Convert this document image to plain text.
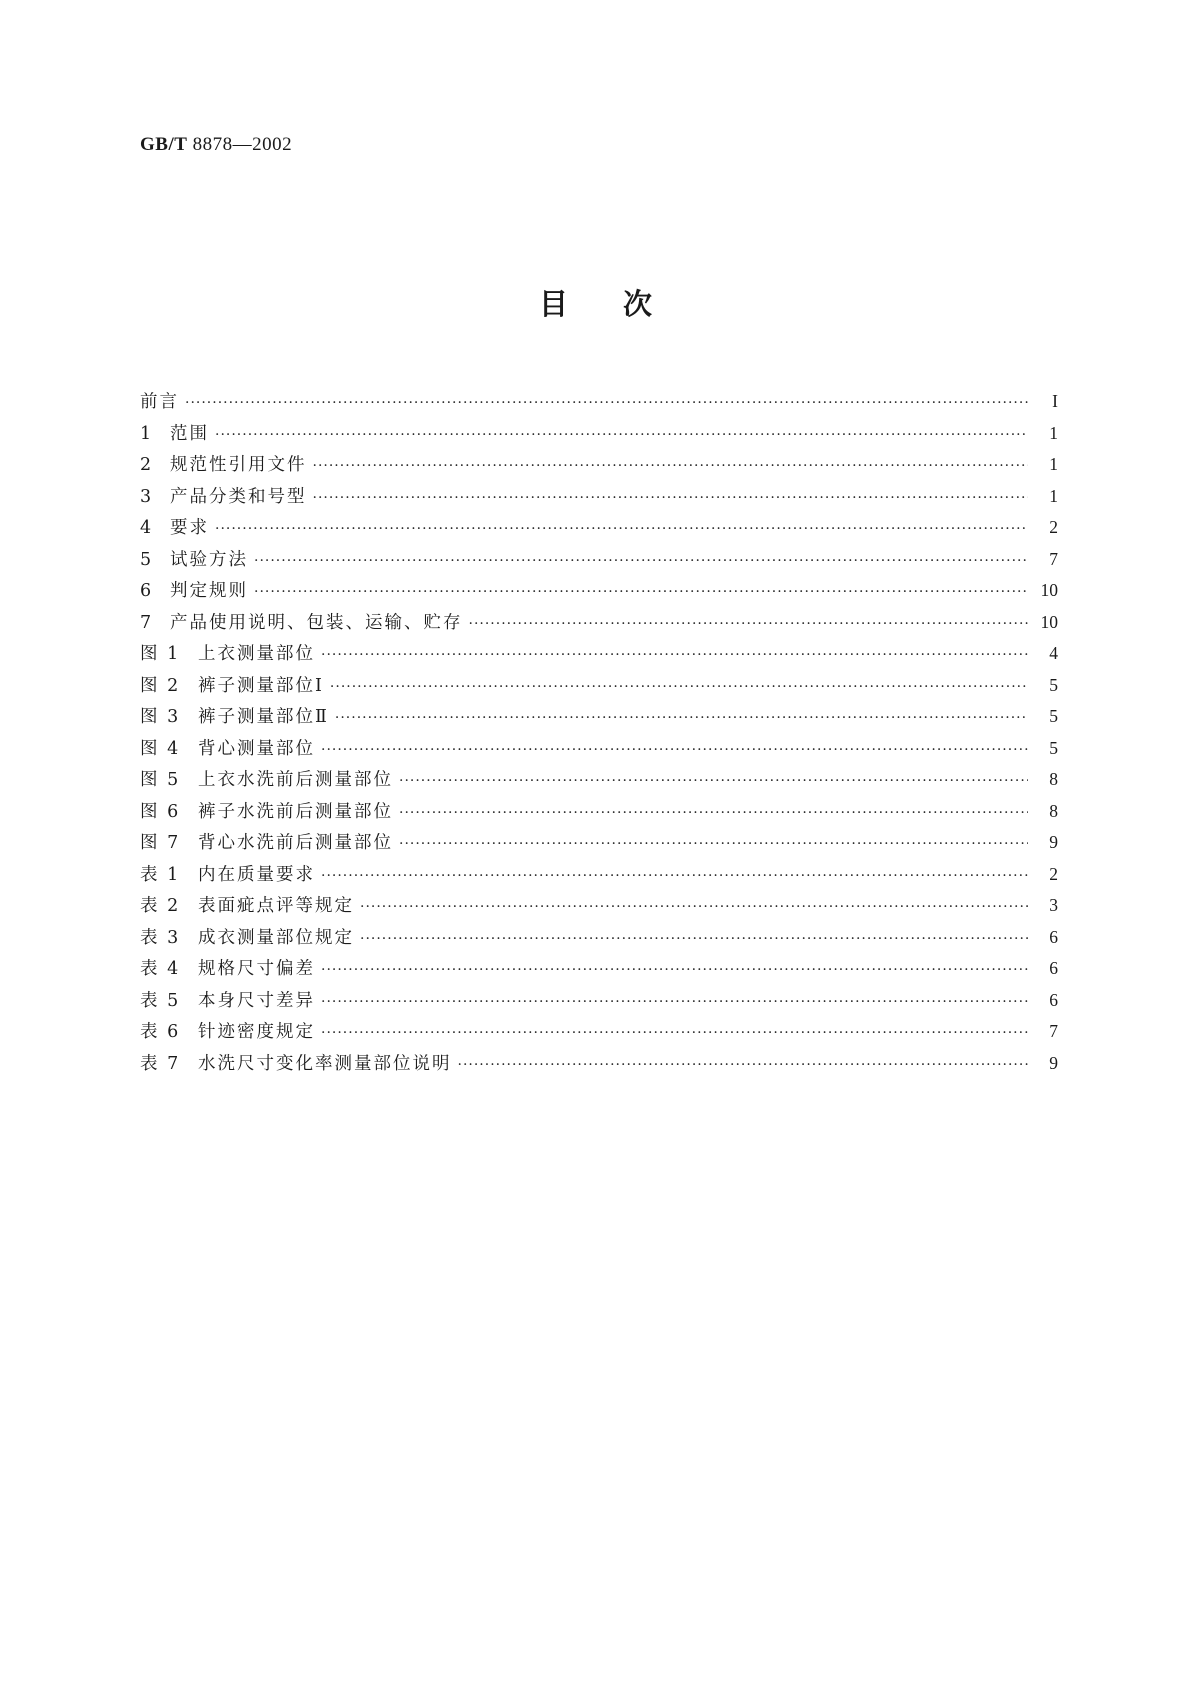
GB/T 8878—2002
目次
前言 ·····	I
1 范围 ·····	1
2 规范性引用文件 ·····	1
3 产品分类和号型 ·····	1
4 要求 ·····	2
5 试验方法 ·····	7
6 判定规则 ·····	10
7 产品使用说明、包装、运输、贮存 ·····	10
图 1 上衣测量部位 ·····	4
图 2 裤子测量部位Ⅰ ·····	5
图 3 裤子测量部位Ⅱ ·····	5
图 4 背心测量部位 ·····	5
图 5 上衣水洗前后测量部位 ·····	8
图 6 裤子水洗前后测量部位 ·····	8
图 7 背心水洗前后测量部位 ·····	9
表 1 内在质量要求 ·····	2
表 2 表面疵点评等规定 ·····	3
表 3 成衣测量部位规定 ·····	6
表 4 规格尺寸偏差 ·····	6
表 5 本身尺寸差异 ·····	6
表 6 针迹密度规定 ·····	7
表 7 水洗尺寸变化率测量部位说明 ·····	9
